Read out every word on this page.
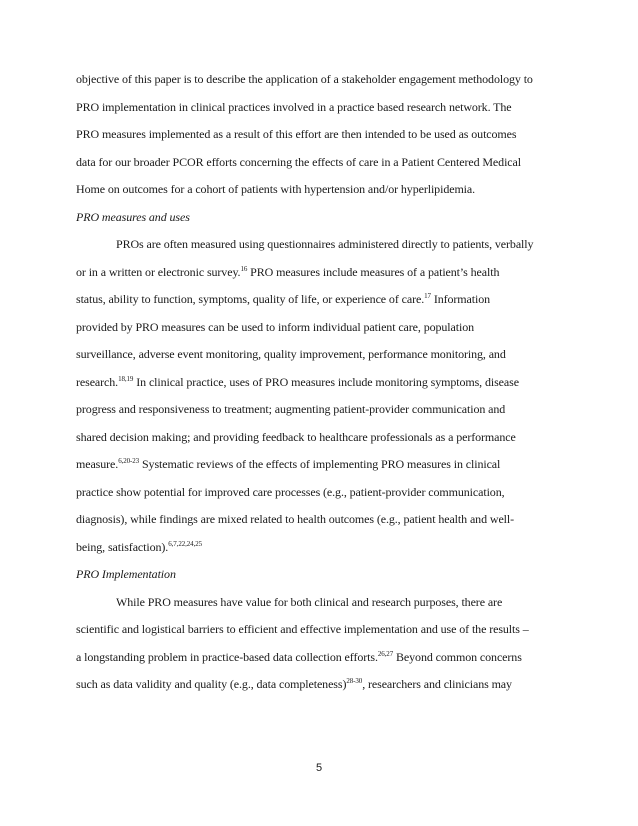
objective of this paper is to describe the application of a stakeholder engagement methodology to
PRO implementation in clinical practices involved in a practice based research network. The
PRO measures implemented as a result of this effort are then intended to be used as outcomes
data for our broader PCOR efforts concerning the effects of care in a Patient Centered Medical
Home on outcomes for a cohort of patients with hypertension and/or hyperlipidemia.
PRO measures and uses
PROs are often measured using questionnaires administered directly to patients, verbally
or in a written or electronic survey.$^{16}$ PRO measures include measures of a patient’s health
status, ability to function, symptoms, quality of life, or experience of care.$^{17}$ Information
provided by PRO measures can be used to inform individual patient care, population
surveillance, adverse event monitoring, quality improvement, performance monitoring, and
research.$^{18,19}$ In clinical practice, uses of PRO measures include monitoring symptoms, disease
progress and responsiveness to treatment; augmenting patient-provider communication and
shared decision making; and providing feedback to healthcare professionals as a performance
measure.$^{6,20-23}$ Systematic reviews of the effects of implementing PRO measures in clinical
practice show potential for improved care processes (e.g., patient-provider communication,
diagnosis), while findings are mixed related to health outcomes (e.g., patient health and well-
being, satisfaction).$^{6,7,22,24,25}$
PRO Implementation
While PRO measures have value for both clinical and research purposes, there are
scientific and logistical barriers to efficient and effective implementation and use of the results –
a longstanding problem in practice-based data collection efforts.$^{26,27}$ Beyond common concerns
such as data validity and quality (e.g., data completeness)$^{28-30}$, researchers and clinicians may
5
